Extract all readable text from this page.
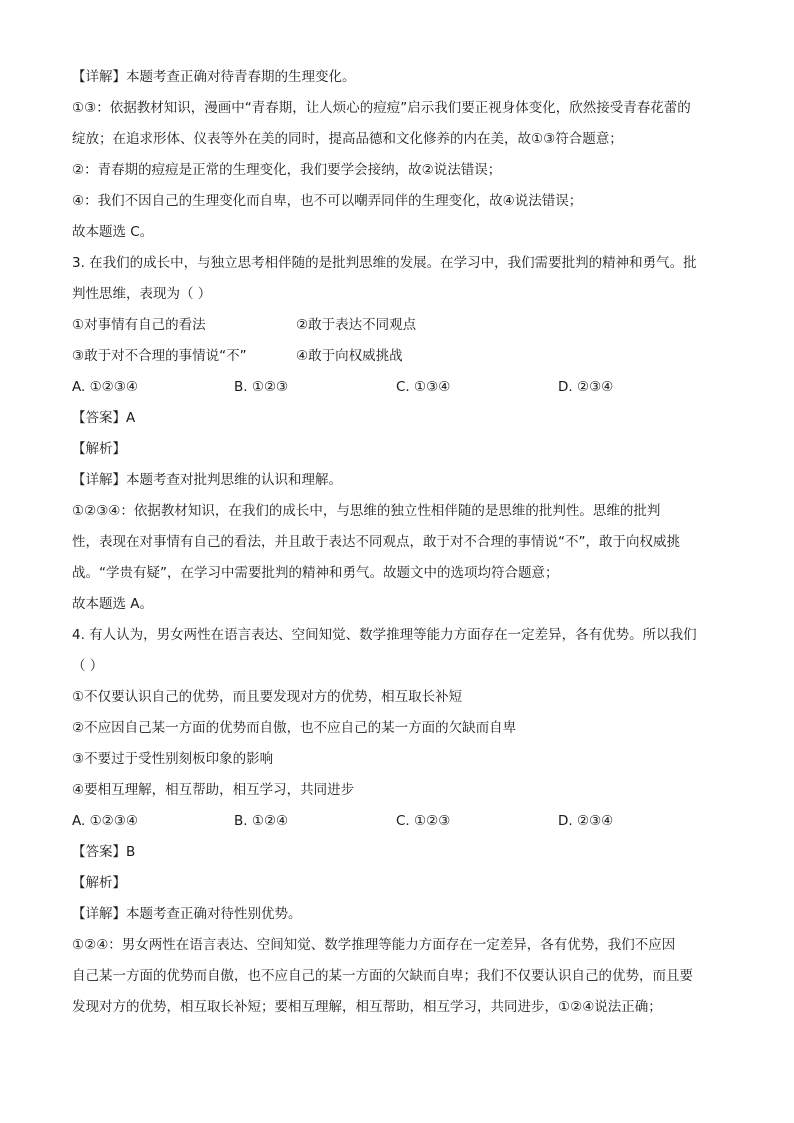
【详解】本题考查正确对待青春期的生理变化。
①③：依据教材知识，漫画中“青春期，让人烦心的痘痘”启示我们要正视身体变化，欣然接受青春花蕾的
绽放；在追求形体、仪表等外在美的同时，提高品德和文化修养的内在美，故①③符合题意；
②：青春期的痘痘是正常的生理变化，我们要学会接纳，故②说法错误；
④：我们不因自己的生理变化而自卑，也不可以嘲弄同伴的生理变化，故④说法错误；
故本题选 C。
3. 在我们的成长中，与独立思考相伴随的是批判思维的发展。在学习中，我们需要批判的精神和勇气。批
判性思维，表现为（ ）
①对事情有自己的看法	②敢于表达不同观点
③敢于对不合理的事情说“不”	④敢于向权威挑战
A. ①②③④	B. ①②③	C. ①③④	D. ②③④
【答案】A
【解析】
【详解】本题考查对批判思维的认识和理解。
①②③④：依据教材知识，在我们的成长中，与思维的独立性相伴随的是思维的批判性。思维的批判
性，表现在对事情有自己的看法，并且敢于表达不同观点，敢于对不合理的事情说“不”，敢于向权威挑
战。“学贵有疑”，在学习中需要批判的精神和勇气。故题文中的选项均符合题意；
故本题选 A。
4. 有人认为，男女两性在语言表达、空间知觉、数学推理等能力方面存在一定差异，各有优势。所以我们
（ ）
①不仅要认识自己的优势，而且要发现对方的优势，相互取长补短
②不应因自己某一方面的优势而自傲，也不应自己的某一方面的欠缺而自卑
③不要过于受性别刻板印象的影响
④要相互理解，相互帮助，相互学习，共同进步
A. ①②③④	B. ①②④	C. ①②③	D. ②③④
【答案】B
【解析】
【详解】本题考查正确对待性别优势。
①②④：男女两性在语言表达、空间知觉、数学推理等能力方面存在一定差异，各有优势，我们不应因
自己某一方面的优势而自傲，也不应自己的某一方面的欠缺而自卑；我们不仅要认识自己的优势，而且要
发现对方的优势，相互取长补短；要相互理解，相互帮助，相互学习，共同进步，①②④说法正确；
